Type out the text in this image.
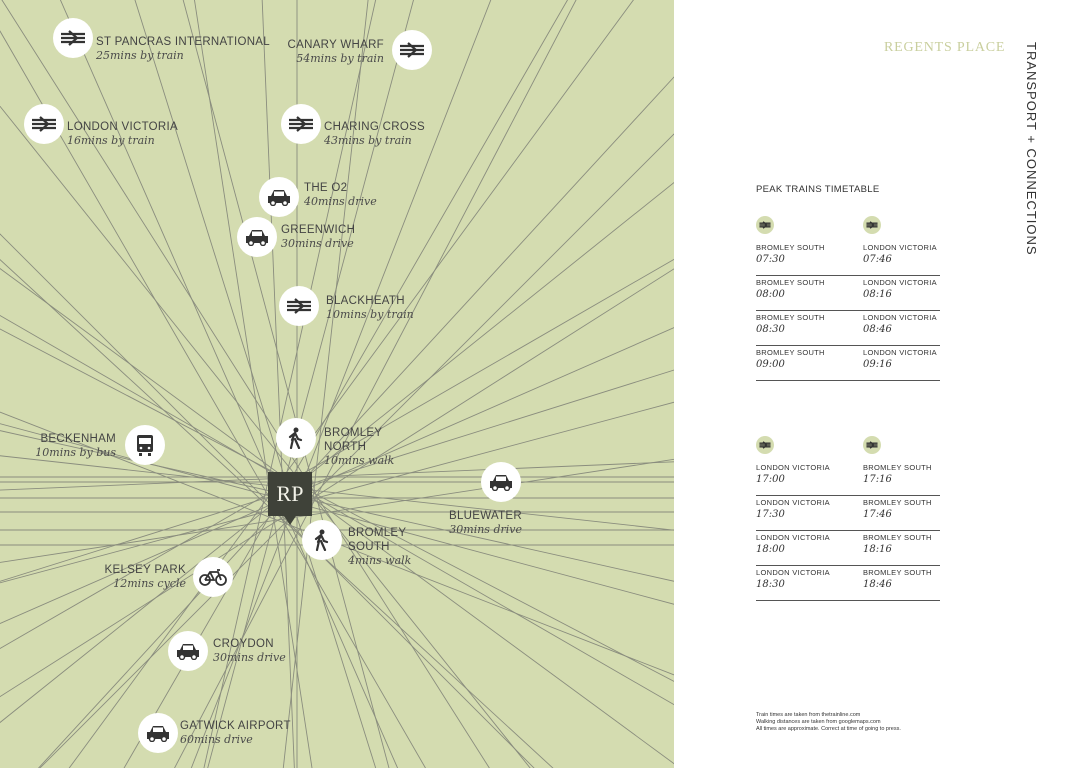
ST PANCRAS INTERNATIONAL
25mins by train
CANARY WHARF
54mins by train
LONDON VICTORIA
16mins by train
CHARING CROSS
43mins by train
THE O2
40mins drive
GREENWICH
30mins drive
BLACKHEATH
10mins by train
BECKENHAM
10mins by bus
BROMLEY
NORTH
10mins walk
BLUEWATER
30mins drive
BROMLEY
SOUTH
4mins walk
KELSEY PARK
12mins cycle
CROYDON
30mins drive
GATWICK AIRPORT
60mins drive
RP
REGENTS PLACE TRANSPORT + CONNECTIONS
PEAK TRAINS TIMETABLE
BROMLEY SOUTH
07:30
LONDON VICTORIA
07:46
BROMLEY SOUTH
08:00
LONDON VICTORIA
08:16
BROMLEY SOUTH
08:30
LONDON VICTORIA
08:46
BROMLEY SOUTH
09:00
LONDON VICTORIA
09:16
LONDON VICTORIA
17:00
BROMLEY SOUTH
17:16
LONDON VICTORIA
17:30
BROMLEY SOUTH
17:46
LONDON VICTORIA
18:00
BROMLEY SOUTH
18:16
LONDON VICTORIA
18:30
BROMLEY SOUTH
18:46
Train times are taken from thetrainline.com
Walking distances are taken from googlemaps.com
All times are approximate. Correct at time of going to press.
